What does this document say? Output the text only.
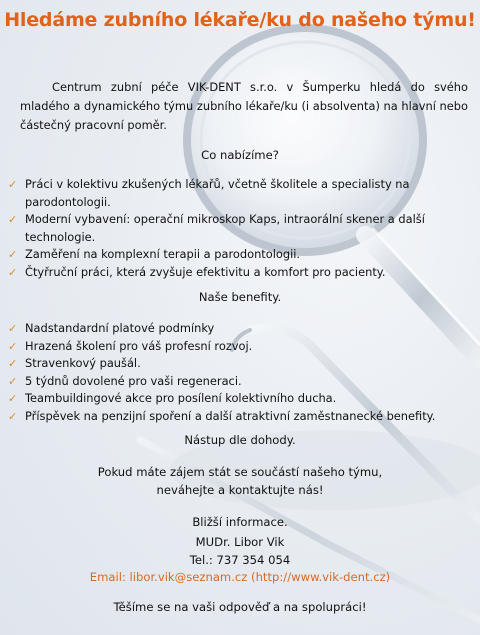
Hledáme zubního lékaře/ku do našeho týmu!

Centrum zubní péče VIK-DENT s.r.o. v Šumperku hledá do svého mladého a dynamického týmu zubního lékaře/ku (i absolventa) na hlavní nebo částečný pracovní poměr.

Co nabízíme?

✓ Práci v kolektivu zkušených lékařů, včetně školitele a specialisty na parodontologii.
✓ Moderní vybavení: operační mikroskop Kaps, intraorální skener a další technologie.
✓ Zaměření na komplexní terapii a parodontologii.
✓ Čtyřruční práci, která zvyšuje efektivitu a komfort pro pacienty.

Naše benefity.

✓ Nadstandardní platové podmínky
✓ Hrazená školení pro váš profesní rozvoj.
✓ Stravenkový paušál.
✓ 5 týdnů dovolené pro vaši regeneraci.
✓ Teambuildingové akce pro posílení kolektivního ducha.
✓ Příspěvek na penzijní spoření a další atraktivní zaměstnanecké benefity.

Nástup dle dohody.

Pokud máte zájem stát se součástí našeho týmu,

neváhejte a kontaktujte nás!

Bližší informace.

MUDr. Libor Vik

Tel.: 737 354 054

Email: libor.vik@seznam.cz (http://www.vik-dent.cz)

Těšíme se na vaši odpověď a na spolupráci!
